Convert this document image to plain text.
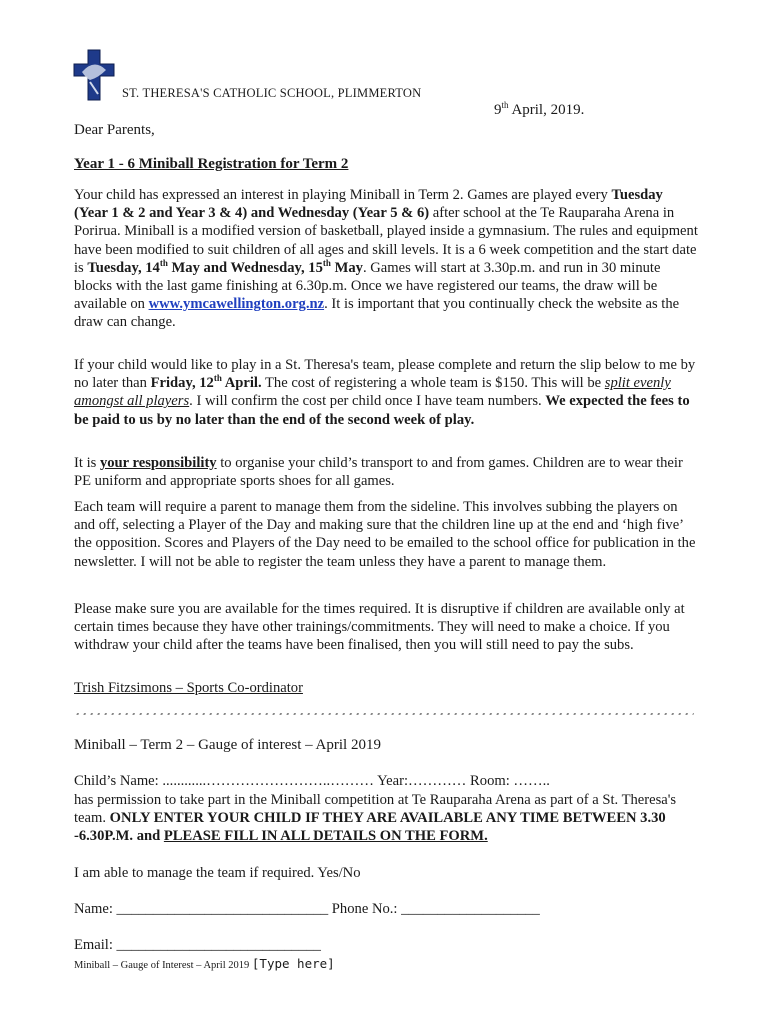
ST. THERESA'S CATHOLIC SCHOOL, PLIMMERTON
9th April, 2019.
Dear Parents,
Year 1 - 6 Miniball Registration for Term 2
Your child has expressed an interest in playing Miniball in Term 2. Games are played every Tuesday (Year 1 & 2 and Year 3 & 4) and Wednesday (Year 5 & 6) after school at the Te Rauparaha Arena in Porirua. Miniball is a modified version of basketball, played inside a gymnasium. The rules and equipment have been modified to suit children of all ages and skill levels. It is a 6 week competition and the start date is Tuesday, 14th May and Wednesday, 15th May. Games will start at 3.30p.m. and run in 30 minute blocks with the last game finishing at 6.30p.m. Once we have registered our teams, the draw will be available on www.ymcawellington.org.nz. It is important that you continually check the website as the draw can change.
If your child would like to play in a St. Theresa's team, please complete and return the slip below to me by no later than Friday, 12th April. The cost of registering a whole team is $150. This will be split evenly amongst all players. I will confirm the cost per child once I have team numbers. We expected the fees to be paid to us by no later than the end of the second week of play.
It is your responsibility to organise your child’s transport to and from games. Children are to wear their PE uniform and appropriate sports shoes for all games.
Each team will require a parent to manage them from the sideline. This involves subbing the players on and off, selecting a Player of the Day and making sure that the children line up at the end and ‘high five’ the opposition. Scores and Players of the Day need to be emailed to the school office for publication in the newsletter. I will not be able to register the team unless they have a parent to manage them.
Please make sure you are available for the times required. It is disruptive if children are available only at certain times because they have other trainings/commitments. They will need to make a choice. If you withdraw your child after the teams have been finalised, then you will still need to pay the subs.
Trish Fitzsimons – Sports Co-ordinator
Miniball – Term 2 – Gauge of interest – April 2019
Child’s Name: ............……………………..……… Year:………… Room: ……..
has permission to take part in the Miniball competition at Te Rauparaha Arena as part of a St. Theresa's team. ONLY ENTER YOUR CHILD IF THEY ARE AVAILABLE ANY TIME BETWEEN 3.30 -6.30P.M. and PLEASE FILL IN ALL DETAILS ON THE FORM.
I am able to manage the team if required. Yes/No
Name: _____________________________ Phone No.: ___________________
Email: ____________________________
Miniball – Gauge of Interest – April 2019 [Type here]
